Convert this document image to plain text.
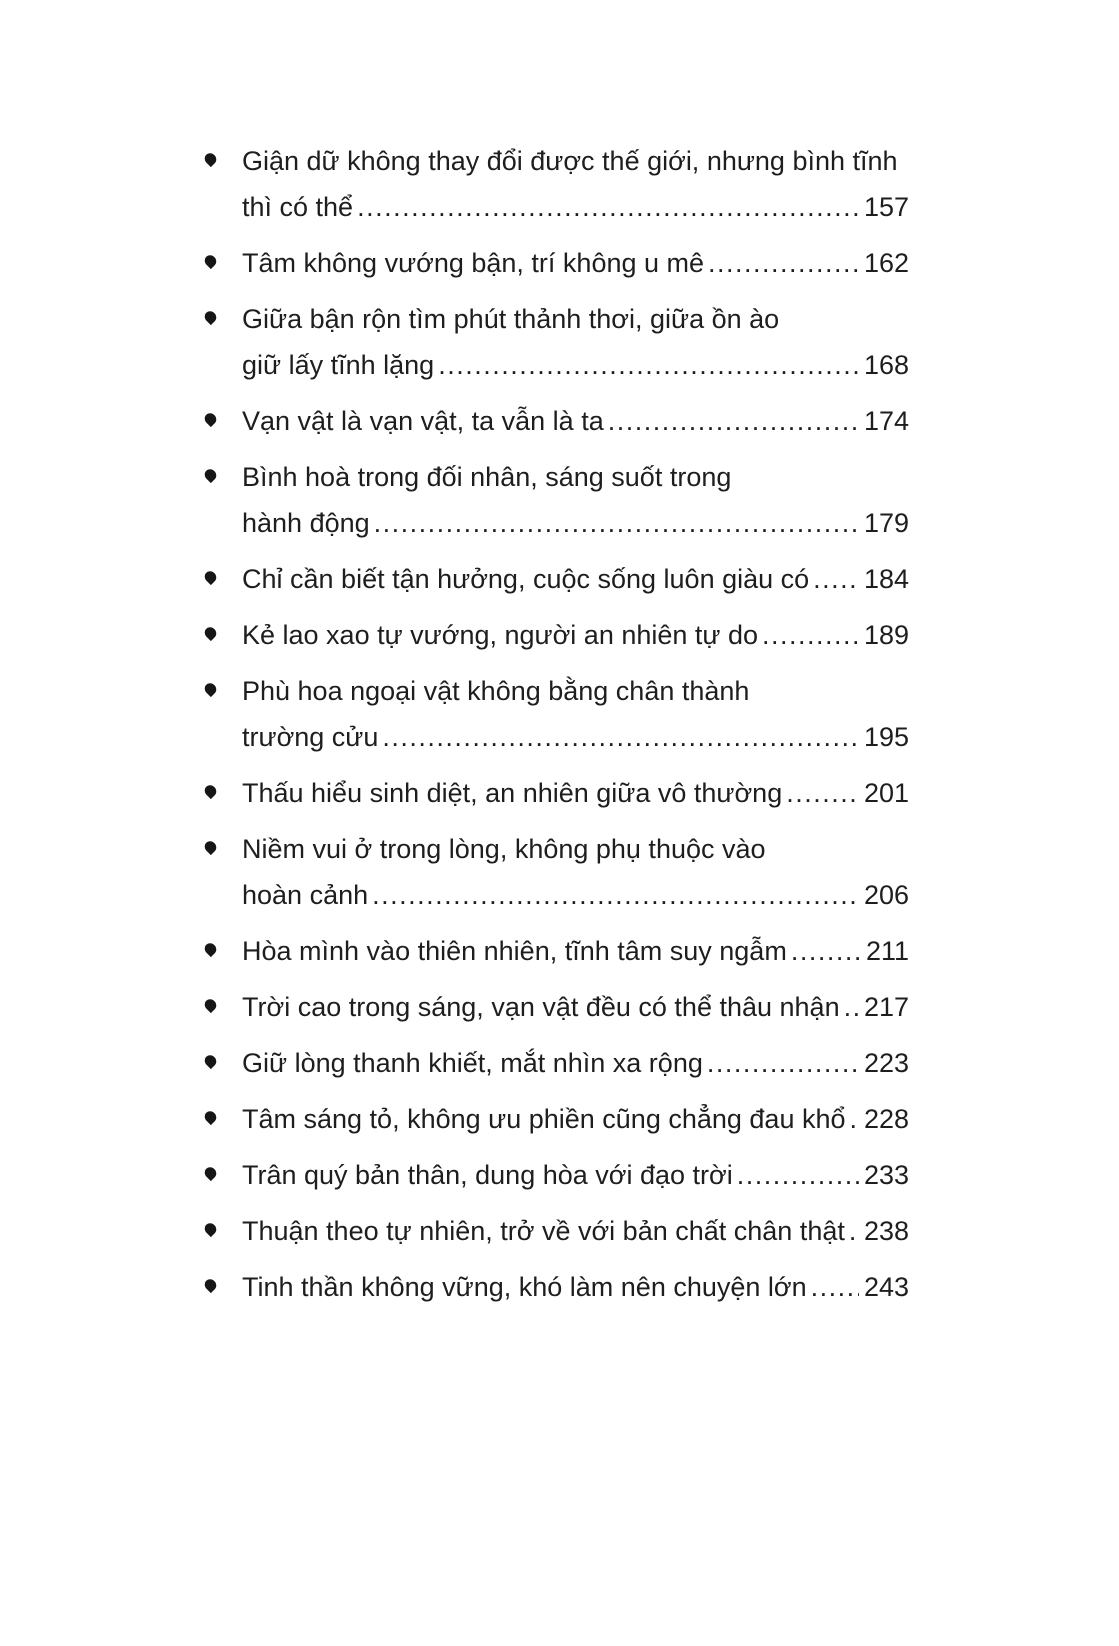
Giận dữ không thay đổi được thế giới, nhưng bình tĩnh
thì có thể .....	157
Tâm không vướng bận, trí không u mê .....	162
Giữa bận rộn tìm phút thảnh thơi, giữa ồn ào
giữ lấy tĩnh lặng .....	168
Vạn vật là vạn vật, ta vẫn là ta .....	174
Bình hoà trong đối nhân, sáng suốt trong
hành động .....	179
Chỉ cần biết tận hưởng, cuộc sống luôn giàu có ..... 184
Kẻ lao xao tự vướng, người an nhiên tự do .....	189
Phù hoa ngoại vật không bằng chân thành
trường cửu .....	195
Thấu hiểu sinh diệt, an nhiên giữa vô thường .....	201
Niềm vui ở trong lòng, không phụ thuộc vào
hoàn cảnh .....	206
Hòa mình vào thiên nhiên, tĩnh tâm suy ngẫm .....	211
Trời cao trong sáng, vạn vật đều có thể thâu nhận ..... 217
Giữ lòng thanh khiết, mắt nhìn xa rộng .....	223
Tâm sáng tỏ, không ưu phiền cũng chẳng đau khổ ..... 228
Trân quý bản thân, dung hòa với đạo trời .....	233
Thuận theo tự nhiên, trở về với bản chất chân thật ..... 238
Tinh thần không vững, khó làm nên chuyện lớn ..... 243
